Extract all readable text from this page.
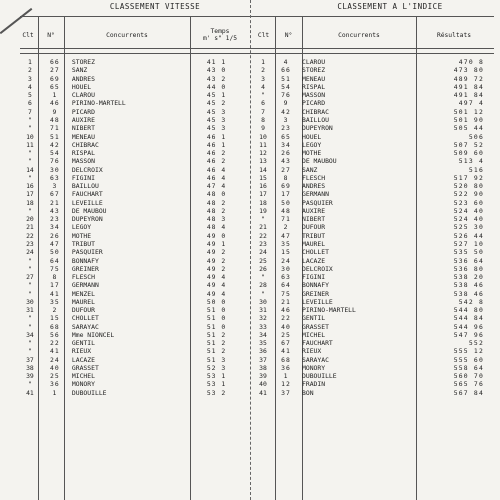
CLASSEMENT VITESSE	CLASSEMENT A L'INDICE
Clt	N°	Concurrents	Temps
m' s" 1/5	Clt	N°	Concurrents	Résultats
1	66	STOREZ	41 1
2	27	SANZ	43 0
3	69	ANDRES	43 2
4	65	HOUEL	44 0
5	1	CLAROU	45 1
6	46	PIRINO-MARTELL	45 2
7	9	PICARD	45 3
"	48	AUXIRE	45 3
"	71	NIBERT	45 3
10	51	MENEAU	46 1
11	42	CHIBRAC	46 1
"	54	RISPAL	46 2
"	76	MASSON	46 2
14	30	DELCROIX	46 4
"	63	FIGINI	46 4
16	3	BAILLOU	47 4
17	67	FAUCHART	48 0
18	21	LEVEILLE	48 2
"	43	DE MAUBOU	48 2
20	23	DUPEYRON	48 3
21	34	LEGOY	48 4
22	26	MOTHE	49 0
23	47	TRIBUT	49 1
24	50	PASQUIER	49 2
"	64	BONNAFY	49 2
"	75	GREINER	49 2
27	8	FLESCH	49 4
"	17	GERMANN	49 4
"	41	MENZEL	49 4
30	35	MAUREL	50 0
31	2	DUFOUR	51 0
"	15	CHOLLET	51 0
"	68	SARAYAC	51 0
34	56	Mme NIONCEL	51 2
"	22	GENTIL	51 2
"	41	RIEUX	51 2
37	24	LACAZE	51 3
38	40	GRASSET	52 3
39	25	MICHEL	53 1
"	36	MONORY	53 1
41	1	DUBOUILLE	53 2
1	4	CLAROU	470 8
2	66	STOREZ	473 80
3	51	MENEAU	489 72
4	54	RISPAL	491 84
"	76	MASSON	491 84
6	9	PICARD	497 4
7	42	CHIBRAC	501 12
8	3	BAILLOU	501 90
9	23	DUPEYRON	505 44
10	65	HOUEL	506
11	34	LEGOY	507 52
12	26	MOTHE	509 60
13	43	DE MAUBOU	513 4
14	27	SANZ	516
15	8	FLESCH	517 92
16	69	ANDRES	520 80
17	17	GERMANN	522 90
18	50	PASQUIER	523 60
19	48	AUXIRE	524 40
"	71	NIBERT	524 40
21	2	DUFOUR	525 30
22	47	TRIBUT	526 44
23	35	MAUREL	527 10
24	15	CHOLLET	535 50
25	24	LACAZE	536 64
26	30	DELCROIX	536 80
"	63	FIGINI	538 20
28	64	BONNAFY	538 46
"	75	GREINER	538 46
30	21	LEVEILLE	542 8
31	46	PIRINO-MARTELL	544 80
32	22	GENTIL	544 84
33	40	GRASSET	544 96
34	25	MICHEL	547 96
35	67	FAUCHART	552
36	41	RIEUX	555 12
37	68	SARAYAC	555 60
38	36	MONORY	558 64
39	1	DUBOUILLE	560 70
40	12	FRADIN	565 76
41	37	BON	567 84
